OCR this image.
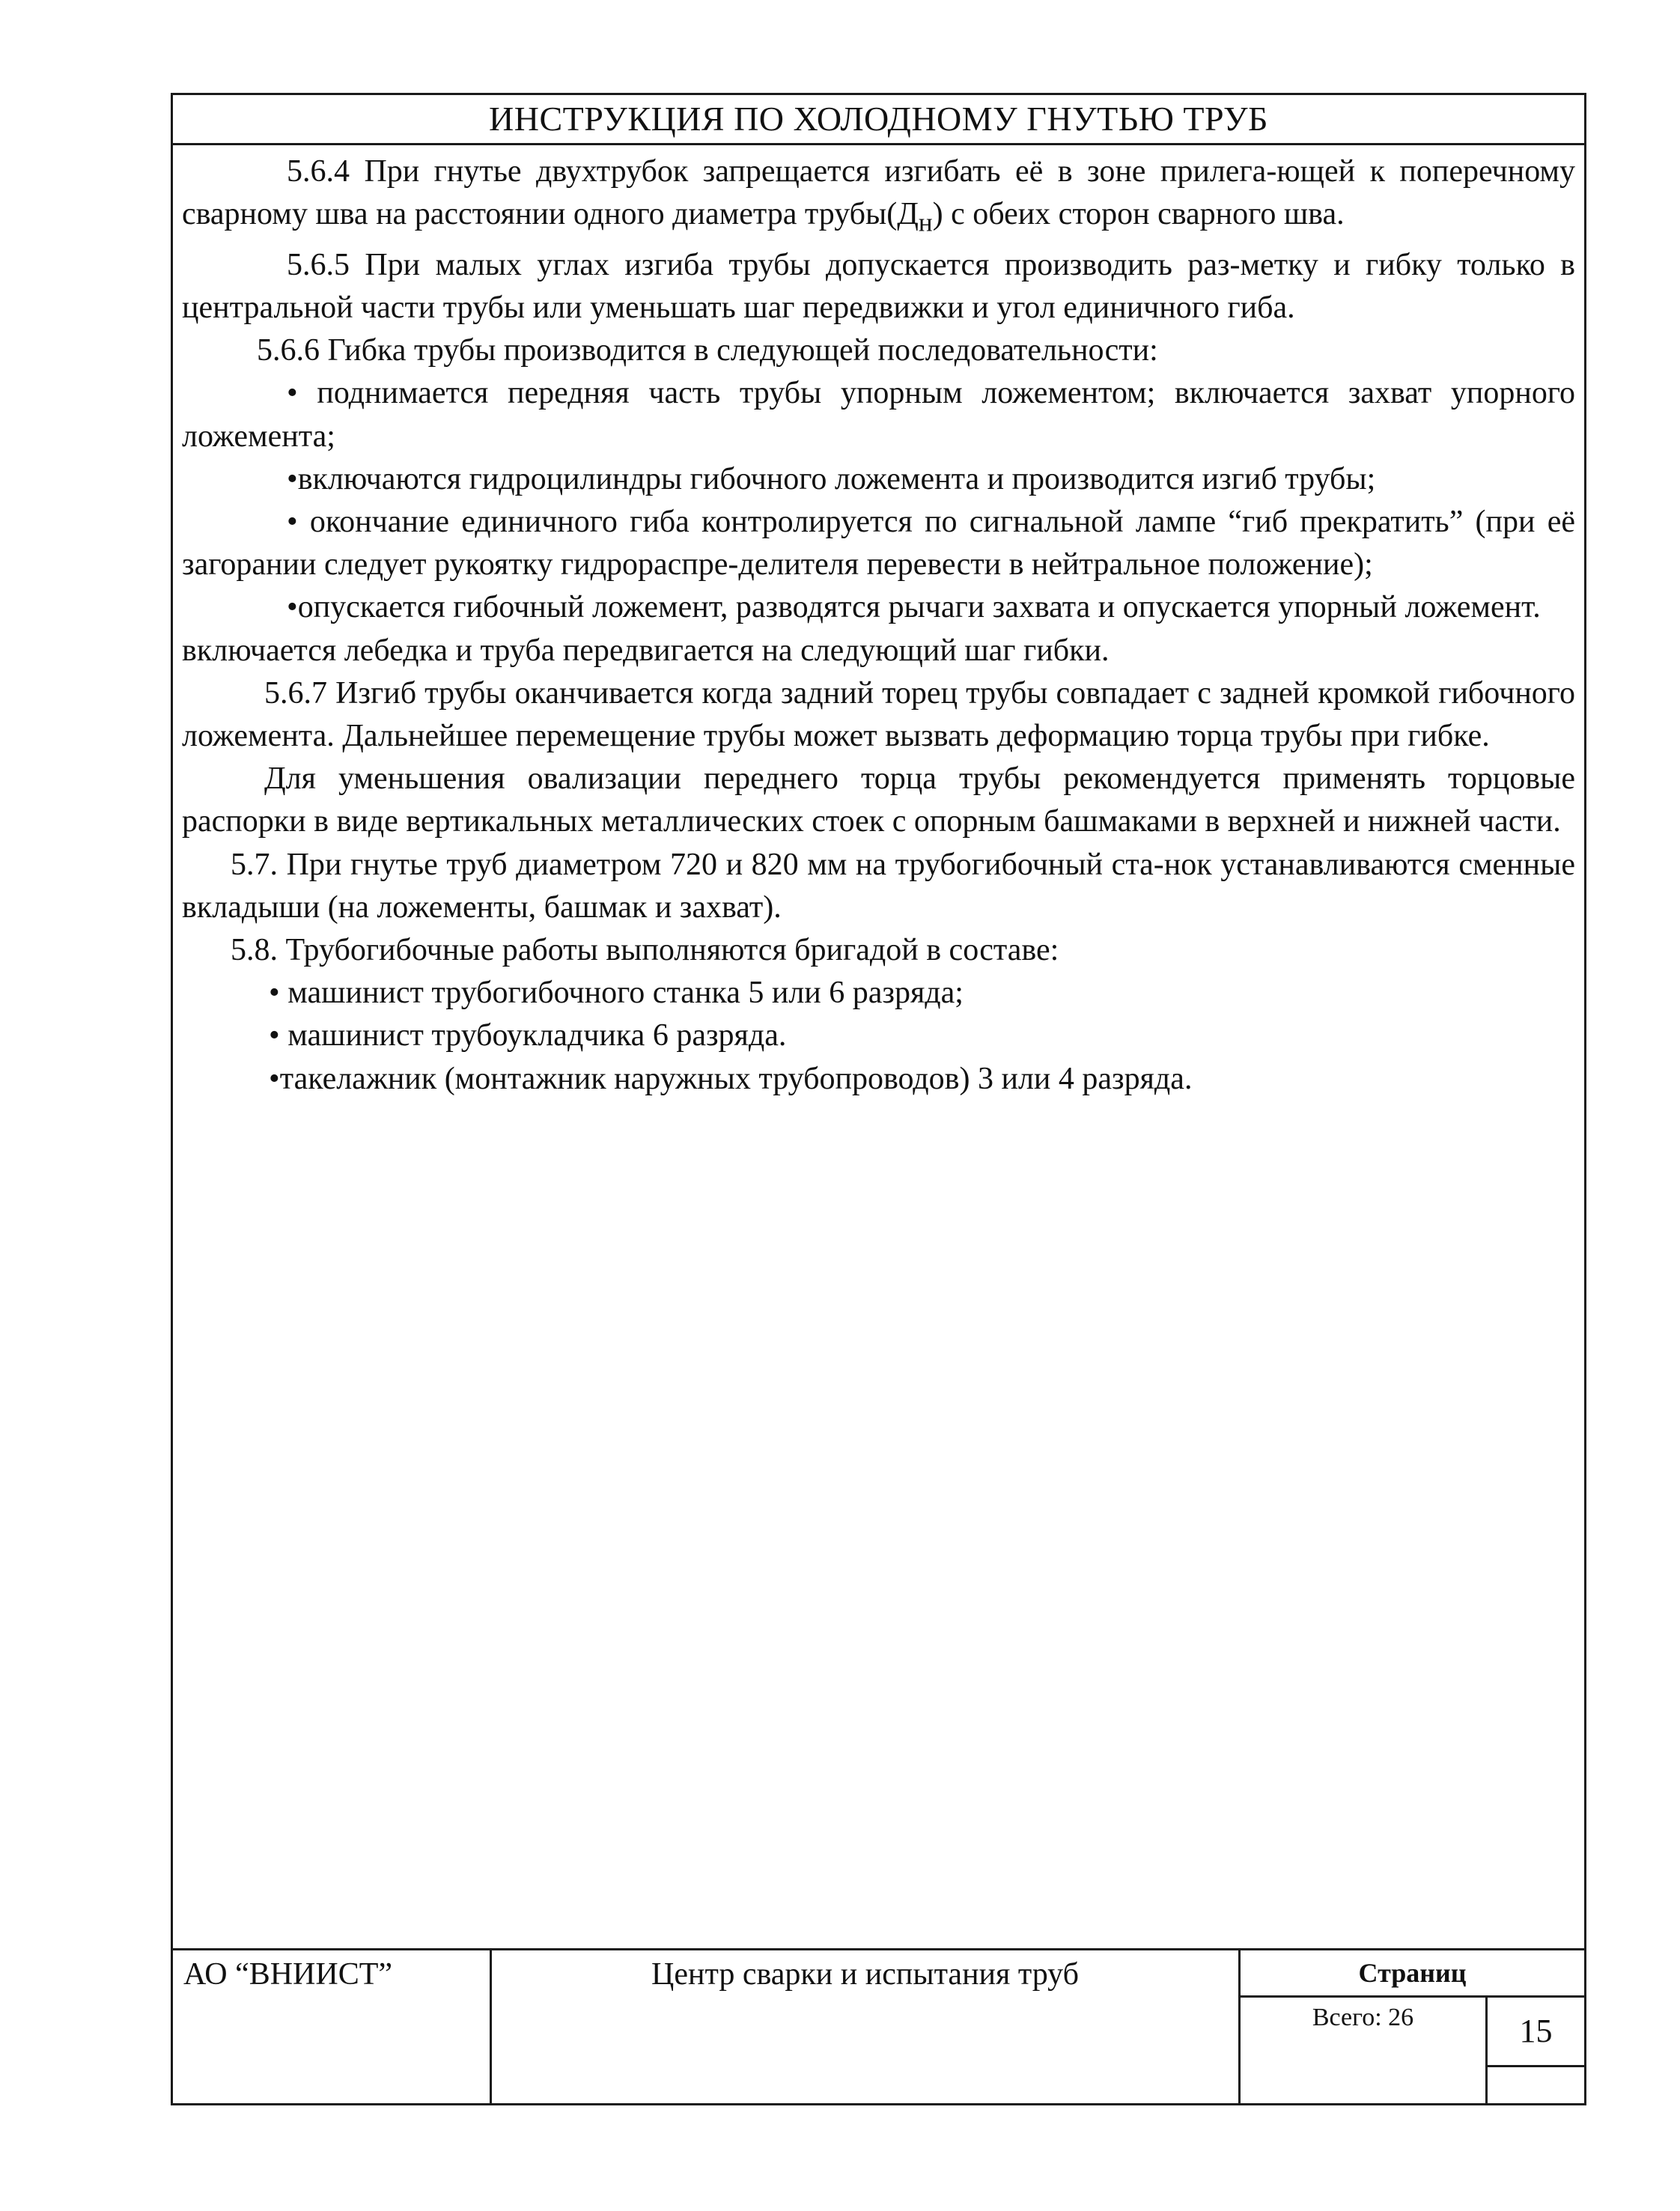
ИНСТРУКЦИЯ ПО ХОЛОДНОМУ ГНУТЬЮ ТРУБ

5.6.4 При гнутье двухтрубок запрещается изгибать её в зоне прилега-ющей к поперечному сварному шва на расстоянии одного диаметра $трубы(Д_н)$ с обеих сторон сварного шва.

5.6.5 При малых углах изгиба трубы допускается производить раз-метку и гибку только в центральной части трубы или уменьшать шаг передвижки и угол единичного гиба.

5.6.6 Гибка трубы производится в следующей последовательности:

• поднимается передняя часть трубы упорным ложементом; включается захват упорного ложемента;

•включаются гидроцилиндры гибочного ложемента и производится изгиб трубы;

• окончание единичного гиба контролируется по сигнальной лампе “гиб прекратить” (при её загорании следует рукоятку гидрораспре-делителя перевести в нейтральное положение);

•опускается гибочный ложемент, разводятся рычаги захвата и опускается упорный ложемент.

включается лебедка и труба передвигается на следующий шаг гибки.

5.6.7 Изгиб трубы оканчивается когда задний торец трубы совпадает с задней кромкой гибочного ложемента. Дальнейшее перемещение трубы может вызвать деформацию торца трубы при гибке.

Для уменьшения овализации переднего торца трубы рекомендуется применять торцовые распорки в виде вертикальных металлических стоек с опорным башмаками в верхней и нижней части.

5.7. При гнутье труб диаметром 720 и 820 мм на трубогибочный ста-нок устанавливаются сменные вкладыши (на ложементы, башмак и захват).

5.8. Трубогибочные работы выполняются бригадой в составе:

• машинист трубогибочного станка 5 или 6 разряда;

• машинист трубоукладчика 6 разряда.

•такелажник (монтажник наружных трубопроводов) 3 или 4 разряда.

АО “ВНИИСТ”	Центр сварки и испытания труб	Страниц
Всего: 26	15
